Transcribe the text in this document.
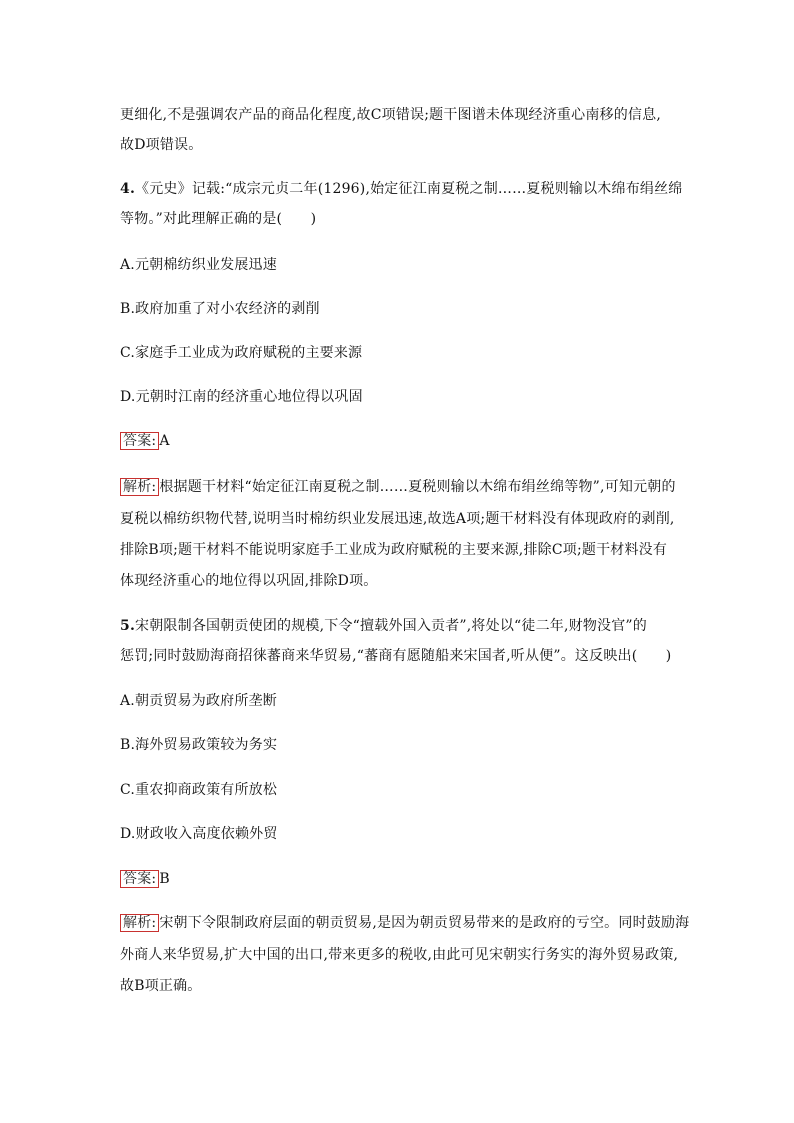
更细化,不是强调农产品的商品化程度,故C项错误;题干图谱未体现经济重心南移的信息,
故D项错误。
4.《元史》记载:“成宗元贞二年(1296),始定征江南夏税之制……夏税则输以木绵布绢丝绵
等物。”对此理解正确的是(　　)
A.元朝棉纺织业发展迅速
B.政府加重了对小农经济的剥削
C.家庭手工业成为政府赋税的主要来源
D.元朝时江南的经济重心地位得以巩固
答案: A
解析: 根据题干材料“始定征江南夏税之制……夏税则输以木绵布绢丝绵等物”,可知元朝的
夏税以棉纺织物代替,说明当时棉纺织业发展迅速,故选A项;题干材料没有体现政府的剥削,
排除B项;题干材料不能说明家庭手工业成为政府赋税的主要来源,排除C项;题干材料没有
体现经济重心的地位得以巩固,排除D项。
5.宋朝限制各国朝贡使团的规模,下令“擅载外国入贡者”,将处以“徒二年,财物没官”的
惩罚;同时鼓励海商招徕蕃商来华贸易,“蕃商有愿随船来宋国者,听从便”。这反映出(　　)
A.朝贡贸易为政府所垄断
B.海外贸易政策较为务实
C.重农抑商政策有所放松
D.财政收入高度依赖外贸
答案: B
解析: 宋朝下令限制政府层面的朝贡贸易,是因为朝贡贸易带来的是政府的亏空。同时鼓励海
外商人来华贸易,扩大中国的出口,带来更多的税收,由此可见宋朝实行务实的海外贸易政策,
故B项正确。
